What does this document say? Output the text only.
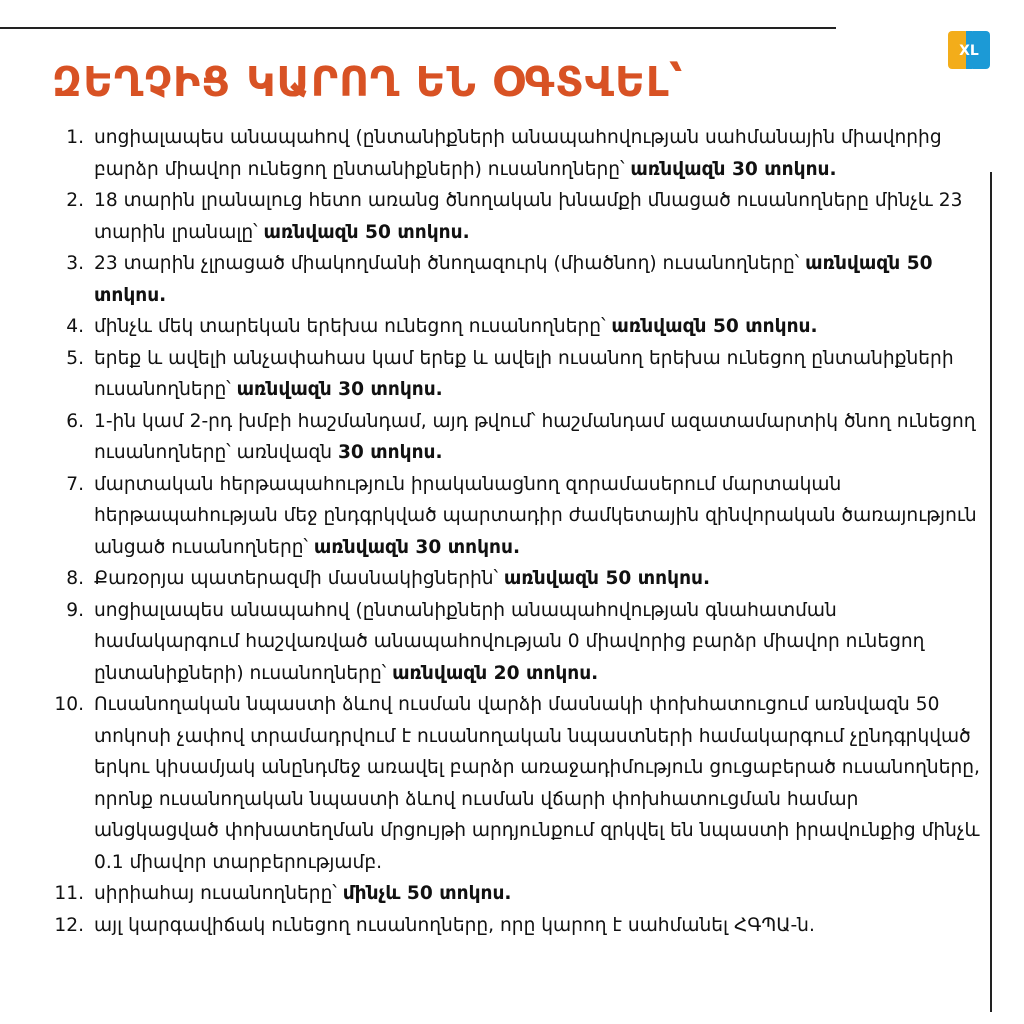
XL
ԶԵՂՉԻՑ ԿԱՐՈՂ ԵՆ ՕԳՏՎԵԼ՝
1. սոցիալապես անապահով (ընտանիքների անապահովության սահմանային միավորից բարձր միավոր ունեցող ընտանիքների) ուսանողները՝ առնվազն 30 տոկոս.
2. 18 տարին լրանալուց հետո առանց ծնողական խնամքի մնացած ուսանողները մինչև 23 տարին լրանալը՝ առնվազն 50 տոկոս.
3. 23 տարին չլրացած միակողմանի ծնողազուրկ (միածնող) ուսանողները՝ առնվազն 50 տոկոս.
4. մինչև մեկ տարեկան երեխա ունեցող ուսանողները՝ առնվազն 50 տոկոս.
5. երեք և ավելի անչափահաս կամ երեք և ավելի ուսանող երեխա ունեցող ընտանիքների ուսանողները՝ առնվազն 30 տոկոս.
6. 1-ին կամ 2-րդ խմբի հաշմանդամ, այդ թվում՝ հաշմանդամ ազատամարտիկ ծնող ունեցող ուսանողները՝ առնվազն 30 տոկոս.
7. մարտական հերթապահություն իրականացնող զորամասերում մարտական հերթապահության մեջ ընդգրկված պարտադիր ժամկետային զինվորական ծառայություն անցած ուսանողները՝ առնվազն 30 տոկոս.
8. Քառօրյա պատերազմի մասնակիցներին՝ առնվազն 50 տոկոս.
9. սոցիալապես անապահով (ընտանիքների անապահովության գնահատման համակարգում հաշվառված անապահովության 0 միավորից բարձր միավոր ունեցող ընտանիքների) ուսանողները՝ առնվազն 20 տոկոս.
10. Ուսանողական նպաստի ձևով ուսման վարձի մասնակի փոխհատուցում առնվազն 50 տոկոսի չափով տրամադրվում է ուսանողական նպաստների համակարգում չընդգրկված երկու կիսամյակ անընդմեջ առավել բարձր առաջադիմություն ցուցաբերած ուսանողները, որոնք ուսանողական նպաստի ձևով ուսման վճարի փոխհատուցման համար անցկացված փոխատեղման մրցույթի արդյունքում զրկվել են նպաստի իրավունքից մինչև 0.1 միավոր տարբերությամբ.
11. սիրիահայ ուսանողները՝ մինչև 50 տոկոս.
12. այլ կարգավիճակ ունեցող ուսանողները, որը կարող է սահմանել ՀԳՊԱ-ն.
